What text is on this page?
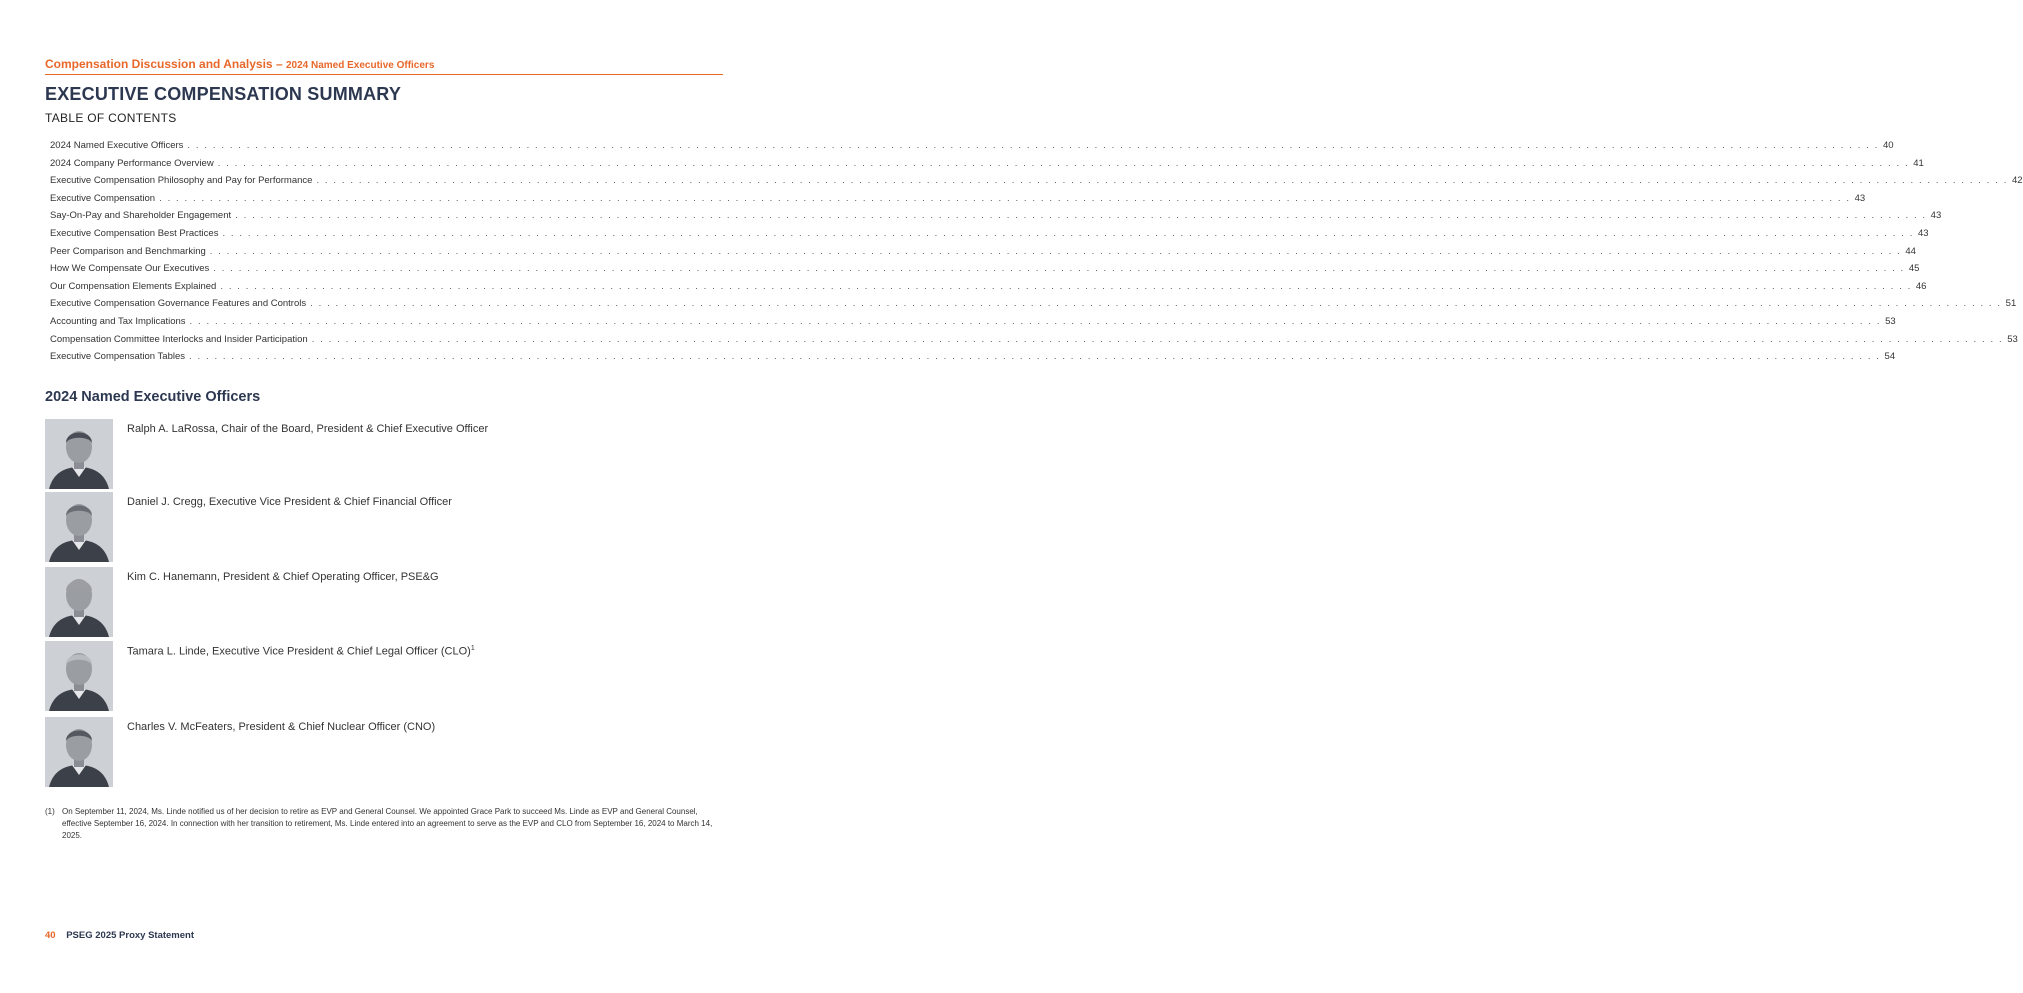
Compensation Discussion and Analysis – 2024 Named Executive Officers
EXECUTIVE COMPENSATION SUMMARY
TABLE OF CONTENTS
2024 Named Executive Officers . . . . . . . . . . . . . . . . . . . . . . . . . . . . . . . . . . . . . . . . . . . . . . . . . . . . . . . . . . . . . . . . . . . . . . . . . . . . . . . . . . . . . . . . . . . . . . . . . . . . . . . . . . . . . . . . . . . . . . . . . . . . . . . . . . . . . . . . . . . . . . . . . . . . . . . . . . . . . . . . . . . . . . . . . . . . . . . . . . . . . . . . . . . . . . . . . . . . . . . . 40
2024 Company Performance Overview . . . . . . . . . . . . . . . . . . . . . . . . . . . . . . . . . . . . . . . . . . . . . . . . . . . . . . . . . . . . . . . . . . . . . . . . . . . . . . . . . . . . . . . . . . . . . . . . . . . . . . . . . . . . . . . . . . . . . . . . . . . . . . . . . . . . . . . . . . . . . . . . . . . . . . . . . . . . . . . . . . . . . . . . . . . . . . . . . . . . . . . . . . . . . . . . . . . . . . . . 41
Executive Compensation Philosophy and Pay for Performance . . . . . . . . . . . . . . . . . . . . . . . . . . . . . . . . . . . . . . . . . . . . . . . . . . . . . . . . . . . . . . . . . . . . . . . . . . . . . . . . . . . . . . . . . . . . . . . . . . . . . . . . . . . . . . . . . . . . . . . . . . . . . . . . . . . . . . . . . . . . . . . . . . . . . . . . . . . . . . . . . . . . . . . . . . . . . . . . . . . . . . . . . . . . . . . . . . . . . . . . 42
Executive Compensation . . . . . . . . . . . . . . . . . . . . . . . . . . . . . . . . . . . . . . . . . . . . . . . . . . . . . . . . . . . . . . . . . . . . . . . . . . . . . . . . . . . . . . . . . . . . . . . . . . . . . . . . . . . . . . . . . . . . . . . . . . . . . . . . . . . . . . . . . . . . . . . . . . . . . . . . . . . . . . . . . . . . . . . . . . . . . . . . . . . . . . . . . . . . . . . . . . . . . . . . 43
Say-On-Pay and Shareholder Engagement . . . . . . . . . . . . . . . . . . . . . . . . . . . . . . . . . . . . . . . . . . . . . . . . . . . . . . . . . . . . . . . . . . . . . . . . . . . . . . . . . . . . . . . . . . . . . . . . . . . . . . . . . . . . . . . . . . . . . . . . . . . . . . . . . . . . . . . . . . . . . . . . . . . . . . . . . . . . . . . . . . . . . . . . . . . . . . . . . . . . . . . . . . . . . . . . . . . . . . . . 43
Executive Compensation Best Practices . . . . . . . . . . . . . . . . . . . . . . . . . . . . . . . . . . . . . . . . . . . . . . . . . . . . . . . . . . . . . . . . . . . . . . . . . . . . . . . . . . . . . . . . . . . . . . . . . . . . . . . . . . . . . . . . . . . . . . . . . . . . . . . . . . . . . . . . . . . . . . . . . . . . . . . . . . . . . . . . . . . . . . . . . . . . . . . . . . . . . . . . . . . . . . . . . . . . . . . . 43
Peer Comparison and Benchmarking . . . . . . . . . . . . . . . . . . . . . . . . . . . . . . . . . . . . . . . . . . . . . . . . . . . . . . . . . . . . . . . . . . . . . . . . . . . . . . . . . . . . . . . . . . . . . . . . . . . . . . . . . . . . . . . . . . . . . . . . . . . . . . . . . . . . . . . . . . . . . . . . . . . . . . . . . . . . . . . . . . . . . . . . . . . . . . . . . . . . . . . . . . . . . . . . . . . . . . . . 44
How We Compensate Our Executives . . . . . . . . . . . . . . . . . . . . . . . . . . . . . . . . . . . . . . . . . . . . . . . . . . . . . . . . . . . . . . . . . . . . . . . . . . . . . . . . . . . . . . . . . . . . . . . . . . . . . . . . . . . . . . . . . . . . . . . . . . . . . . . . . . . . . . . . . . . . . . . . . . . . . . . . . . . . . . . . . . . . . . . . . . . . . . . . . . . . . . . . . . . . . . . . . . . . . . . . 45
Our Compensation Elements Explained . . . . . . . . . . . . . . . . . . . . . . . . . . . . . . . . . . . . . . . . . . . . . . . . . . . . . . . . . . . . . . . . . . . . . . . . . . . . . . . . . . . . . . . . . . . . . . . . . . . . . . . . . . . . . . . . . . . . . . . . . . . . . . . . . . . . . . . . . . . . . . . . . . . . . . . . . . . . . . . . . . . . . . . . . . . . . . . . . . . . . . . . . . . . . . . . . . . . . . . . 46
Executive Compensation Governance Features and Controls . . . . . . . . . . . . . . . . . . . . . . . . . . . . . . . . . . . . . . . . . . . . . . . . . . . . . . . . . . . . . . . . . . . . . . . . . . . . . . . . . . . . . . . . . . . . . . . . . . . . . . . . . . . . . . . . . . . . . . . . . . . . . . . . . . . . . . . . . . . . . . . . . . . . . . . . . . . . . . . . . . . . . . . . . . . . . . . . . . . . . . . . . . . . . . . . . . . . . . . . 51
Accounting and Tax Implications . . . . . . . . . . . . . . . . . . . . . . . . . . . . . . . . . . . . . . . . . . . . . . . . . . . . . . . . . . . . . . . . . . . . . . . . . . . . . . . . . . . . . . . . . . . . . . . . . . . . . . . . . . . . . . . . . . . . . . . . . . . . . . . . . . . . . . . . . . . . . . . . . . . . . . . . . . . . . . . . . . . . . . . . . . . . . . . . . . . . . . . . . . . . . . . . . . . . . . . . 53
Compensation Committee Interlocks and Insider Participation . . . . . . . . . . . . . . . . . . . . . . . . . . . . . . . . . . . . . . . . . . . . . . . . . . . . . . . . . . . . . . . . . . . . . . . . . . . . . . . . . . . . . . . . . . . . . . . . . . . . . . . . . . . . . . . . . . . . . . . . . . . . . . . . . . . . . . . . . . . . . . . . . . . . . . . . . . . . . . . . . . . . . . . . . . . . . . . . . . . . . . . . . . . . . . . . . . . . . . . . 53
Executive Compensation Tables . . . . . . . . . . . . . . . . . . . . . . . . . . . . . . . . . . . . . . . . . . . . . . . . . . . . . . . . . . . . . . . . . . . . . . . . . . . . . . . . . . . . . . . . . . . . . . . . . . . . . . . . . . . . . . . . . . . . . . . . . . . . . . . . . . . . . . . . . . . . . . . . . . . . . . . . . . . . . . . . . . . . . . . . . . . . . . . . . . . . . . . . . . . . . . . . . . . . . . . . 54
2024 Named Executive Officers
Ralph A. LaRossa, Chair of the Board, President & Chief Executive Officer
Daniel J. Cregg, Executive Vice President & Chief Financial Officer
Kim C. Hanemann, President & Chief Operating Officer, PSE&G
Tamara L. Linde, Executive Vice President & Chief Legal Officer (CLO)$^1$
Charles V. McFeaters, President & Chief Nuclear Officer (CNO)
(1) On September 11, 2024, Ms. Linde notified us of her decision to retire as EVP and General Counsel. We appointed Grace Park to succeed Ms. Linde as EVP and General Counsel, effective September 16, 2024. In connection with her transition to retirement, Ms. Linde entered into an agreement to serve as the EVP and CLO from September 16, 2024 to March 14, 2025.
40 PSEG 2025 Proxy Statement
